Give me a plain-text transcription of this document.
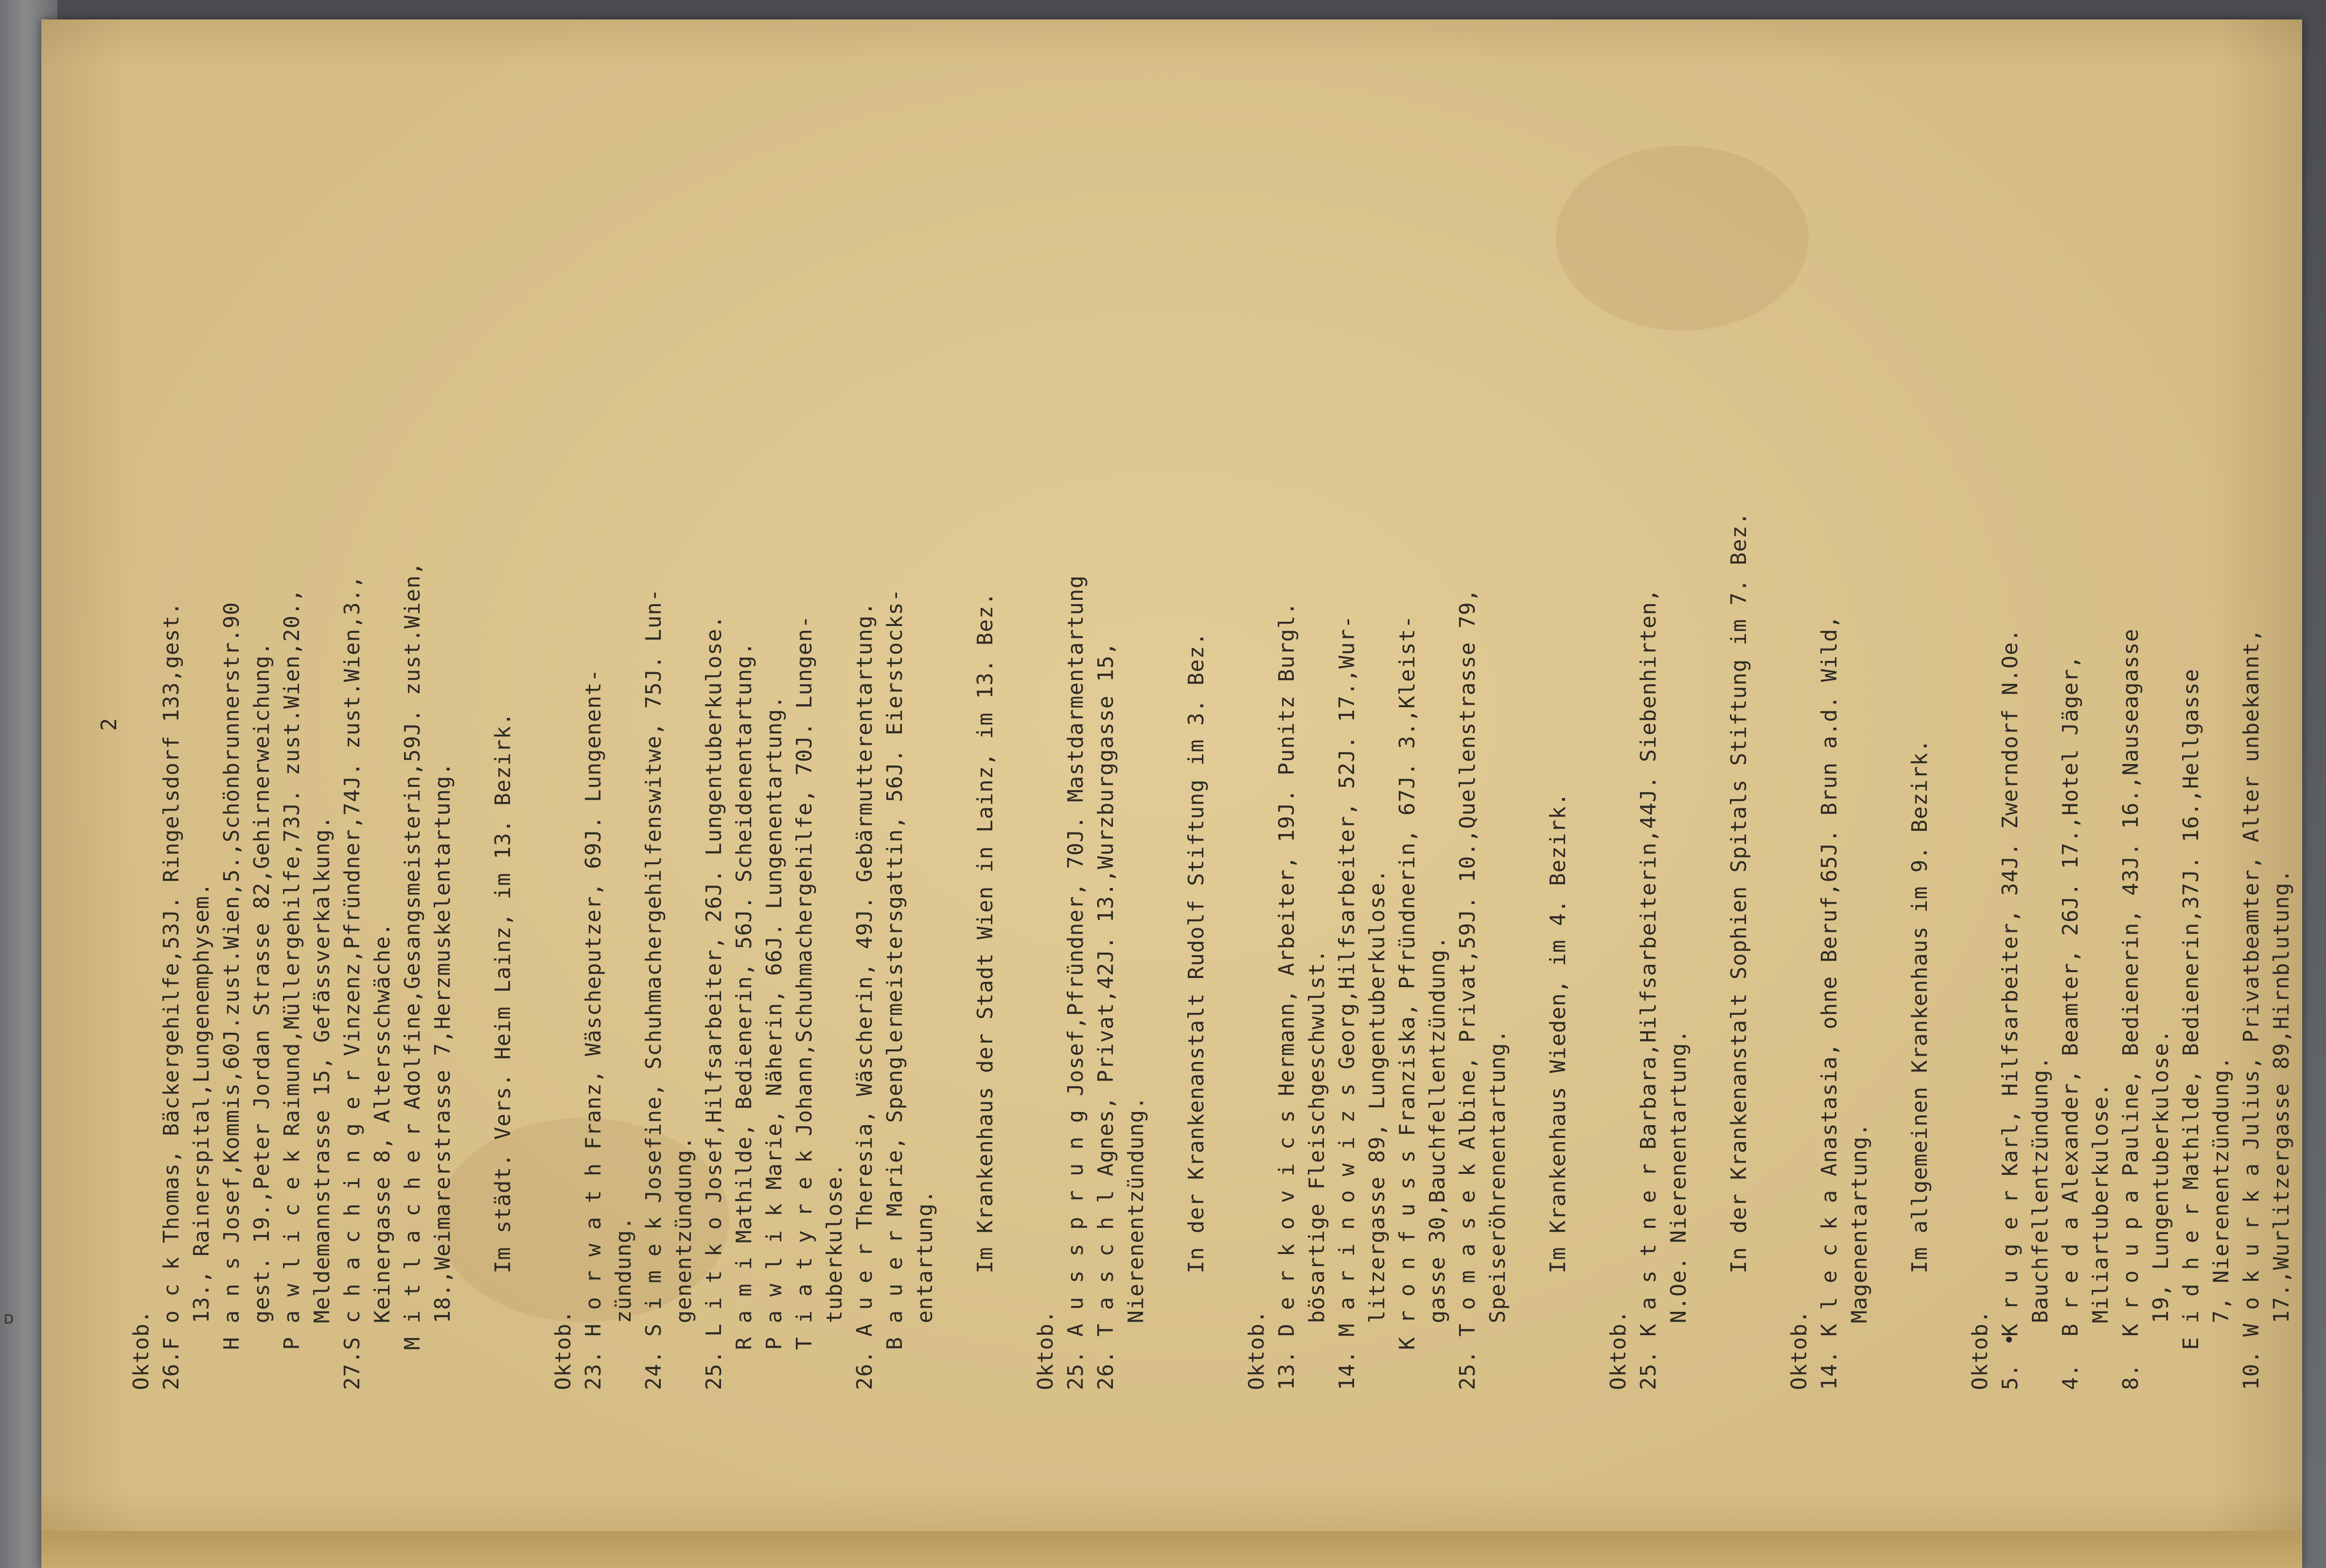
D
2
Oktob. 26.F o c k Thomas, Bäckergehilfe,53J. Ringelsdorf 133,gest. 13., Rainerspital,Lungenemphysem. H a n s Josef,Kommis,60J.zust.Wien,5.,Schönbrunnerstr.90 gest. 19.,Peter Jordan Strasse 82,Gehirnerweichung. P a w l i c e k Raimund,Müllergehilfe,73J. zust.Wien,20., Meldemannstrasse 15, Gefässverkalkung. 27.S c h a c h i n g e r Vinzenz,Pfründner,74J. zust.Wien,3., Keinergasse 8, Altersschwäche. M i t l a c h e r Adolfine,Gesangsmeisterin,59J. zust.Wien, 18.,Weimarerstrasse 7,Herzmuskelentartung. Im städt. Vers. Heim Lainz, im 13. Bezirk.
Oktob. 23. H o r w a t h Franz, Wäscheputzer, 69J. Lungenent- zündung. 24. S i m e k Josefine, Schuhmachergehilfenswitwe, 75J. Lun- genentzündung. 25. L i t k o Josef,Hilfsarbeiter, 26J. Lungentuberkulose. R a m i Mathilde, Bedienerin, 56J. Scheidenentartung. P a w l i k Marie, Näherin, 66J. Lungenentartung. T i a t y r e k Johann,Schuhmachergehilfe, 70J. Lungen- tuberkulose. 26. A u e r Theresia, Wäscherin, 49J. Gebärmutterentartung. B a u e r Marie, Spenglermeistersgattin, 56J. Eierstocks- entartung.
Im Krankenhaus der Stadt Wien in Lainz, im 13. Bez.
Oktob. 25. A u s s p r u n g Josef,Pfründner, 70J. Mastdarmentartung 26. T a s c h l Agnes, Privat,42J. 13.,Wurzburggasse 15, Nierenentzündung. In der Krankenanstalt Rudolf Stiftung im 3. Bez.
Oktob. 13. D e r k o v i c s Hermann, Arbeiter, 19J. Punitz Burgl. bösartige Fleischgeschwulst. 14. M a r i n o w i z s Georg,Hilfsarbeiter, 52J. 17.,Wur- litzergasse 89, Lungentuberkulose. K r o n f u s s Franziska, Pfründnerin, 67J. 3.,Kleist- gasse 30,Bauchfellentzündung. 25. T o m a s e k Albine, Privat,59J. 10.,Quellenstrasse 79, Speiseröhrenentartung. Im Krankenhaus Wieden, im 4. Bezirk.
Oktob. 25. K a s t n e r Barbara,Hilfsarbeiterin,44J. Siebenhirten, N.Oe. Nierenentartung. In der Krankenanstalt Sophien Spitals Stiftung im 7. Bez.
Oktob. 14. K l e c k a Anastasia, ohne Beruf,65J. Brun a.d. Wild, Magenentartung. Im allgemeinen Krankenhaus im 9. Bezirk.
Oktob. 5.  K r u g e r Karl, Hilfsarbeiter, 34J. Zwerndorf N.Oe. Bauchfellentzündung. 4.  B r e d a Alexander, Beamter, 26J. 17.,Hotel Jäger, Miliartuberkulose. 8.  K r o u p a Pauline, Bedienerin, 43J. 16.,Nauseagasse 19, Lungentuberkulose. E i d h e r Mathilde, Bedienerin,37J. 16.,Hellgasse 7, Nierenentzündung. 10. W o k u r k a Julius, Privatbeamter, Alter unbekannt, 17.,Wurlitzergasse 89,Hirnblutung.
